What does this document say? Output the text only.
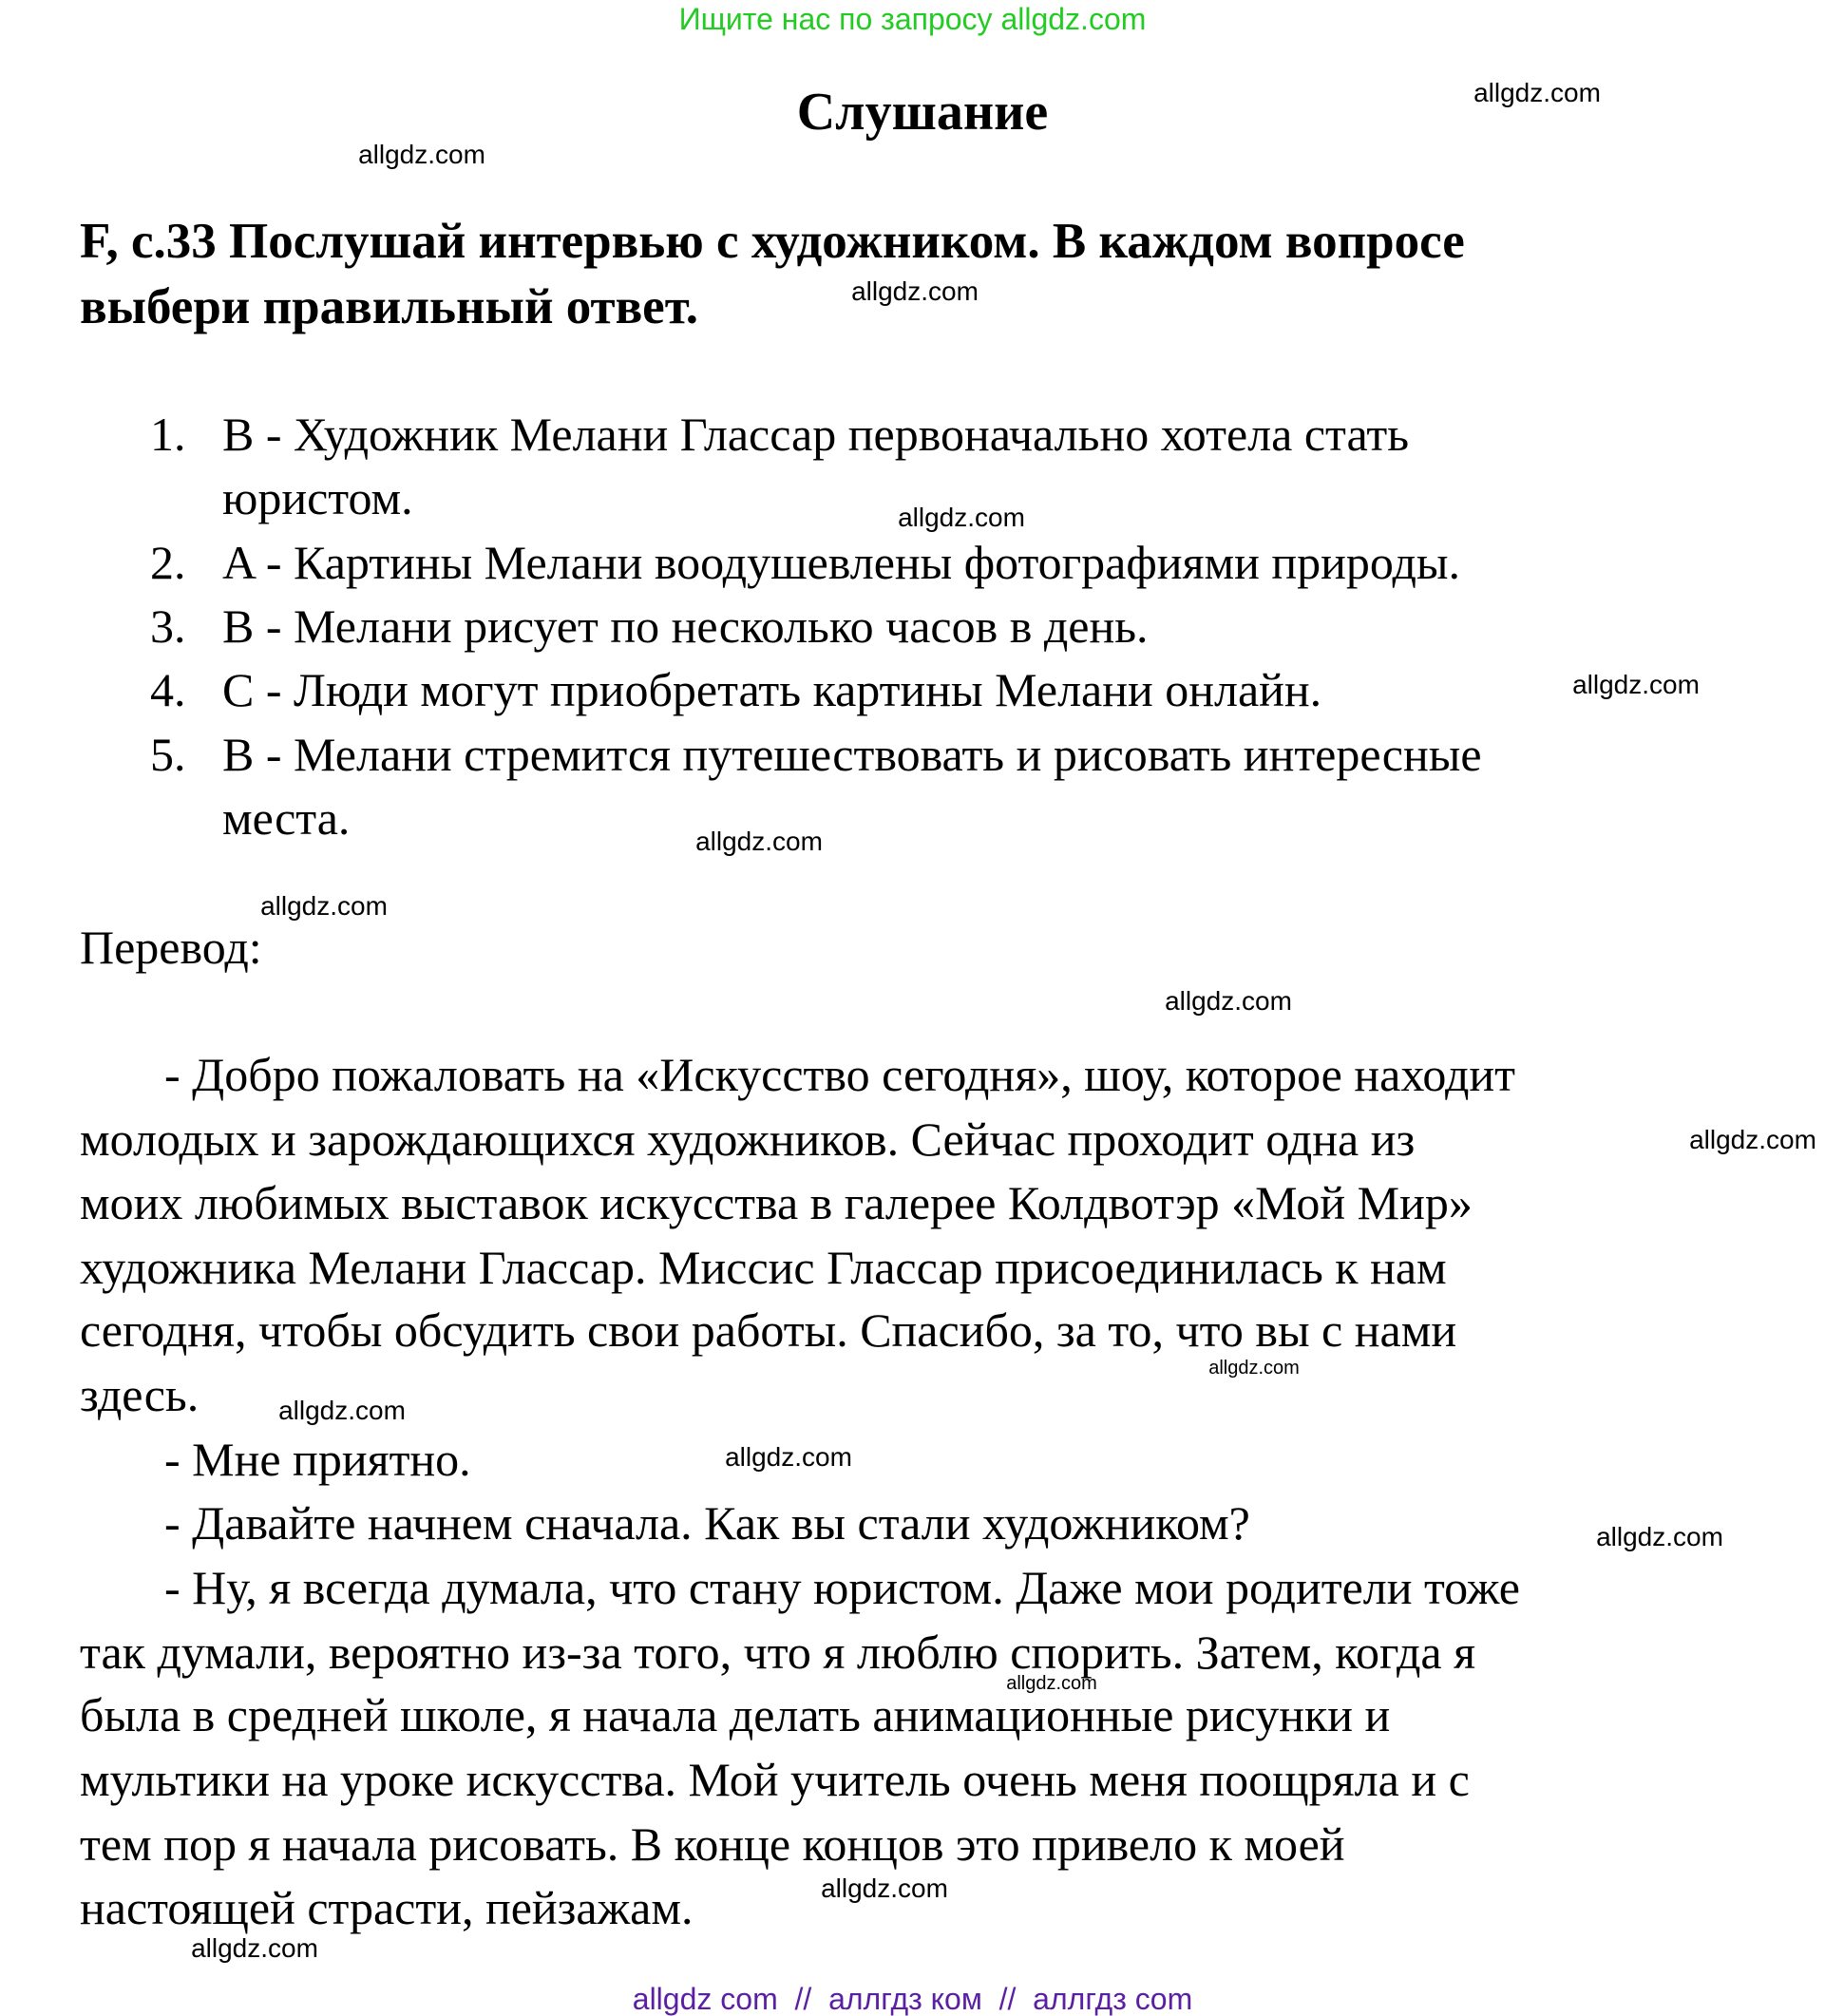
Ищите нас по запросу allgdz.com
Слушание
F, с.33 Послушай интервью с художником. В каждом вопросе
выбери правильный ответ.
1. B - Художник Мелани Глассар первоначально хотела стать
юристом.
2. A - Картины Мелани воодушевлены фотографиями природы.
3. B - Мелани рисует по несколько часов в день.
4. C - Люди могут приобретать картины Мелани онлайн.
5. B - Мелани стремится путешествовать и рисовать интересные
места.
Перевод:
- Добро пожаловать на «Искусство сегодня», шоу, которое находит
молодых и зарождающихся художников. Сейчас проходит одна из
моих любимых выставок искусства в галерее Колдвотэр «Мой Мир»
художника Мелани Глассар. Миссис Глассар присоединилась к нам
сегодня, чтобы обсудить свои работы. Спасибо, за то, что вы с нами
здесь.
- Мне приятно.
- Давайте начнем сначала. Как вы стали художником?
- Ну, я всегда думала, что стану юристом. Даже мои родители тоже
так думали, вероятно из-за того, что я люблю спорить. Затем, когда я
была в средней школе, я начала делать анимационные рисунки и
мультики на уроке искусства. Мой учитель очень меня поощряла и с
тем пор я начала рисовать. В конце концов это привело к моей
настоящей страсти, пейзажам.
allgdz.com
allgdz.com
allgdz.com
allgdz.com
allgdz.com
allgdz.com
allgdz.com
allgdz.com
allgdz.com
allgdz.com
allgdz.com
allgdz.com
allgdz.com
allgdz.com
allgdz.com
allgdz.com
allgdz com  //  аллгдз ком  //  аллгдз com
